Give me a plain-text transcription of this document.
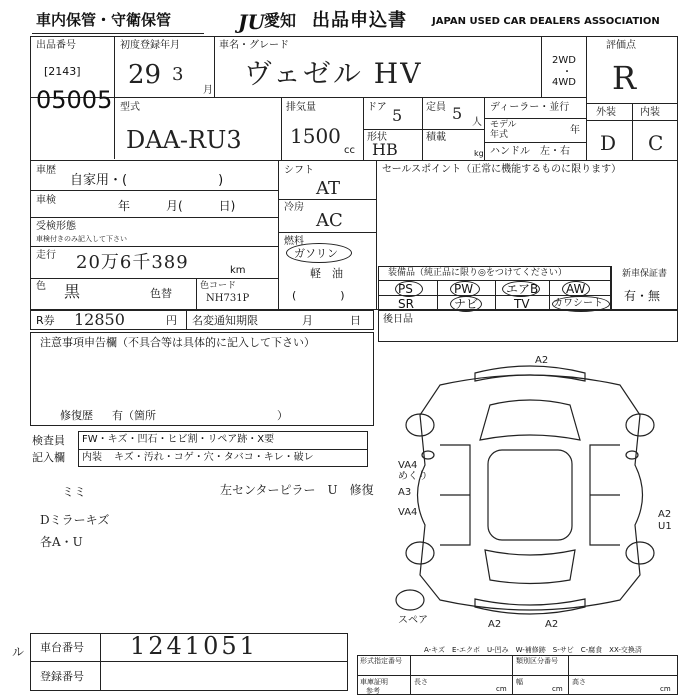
車内保管・守衛保管	JU 愛知 出品申込書	JAPAN USED CAR DEALERS ASSOCIATION
出品番号
[2143]
05005
初度登録年月
29 3
月
車名・グレード
ヴェゼル HV	2WD
・
4WD
評価点
R
外装 内装
D C
型式
DAA-RU3
排気量
1500
cc
ドア 5 定員 5 人
形状
HB
積載
kg
ディーラー・並行
モデル
年式	年
ハンドル　左・右
車歴
自家用・(　　　　　　　)
車検	年　　　月(　　　日)
受検形態
車検付きのみ記入して下さい
走行 20万6千389	km
色 黒	色替
色コード
NH731P
シフト
AT
冷房
AC
燃料
ガソリン
軽　油
(　　　　)
セールスポイント（正常に機能するものに限ります）
装備品（純正品に限り◎をつけてください）
PS	PW	エアB AW
SR	ナビ	TV カワシート
新車保証書
有・無
R券 12850	円 名変通知期限	月	日 後日品
注意事項申告欄（不具合等は具体的に記入して下さい）
修復歴 有（箇所　　　　　　　　　　　）
検査員
記入欄
FW・キズ・凹石・ヒビ割・リペア跡・X要
内装 キズ・汚れ・コゲ・穴・タバコ・キレ・破レ
ミミ	左センターピラー　U　修復
Dミラーキズ
各A・U
A2
VA4
めくり
A3
VA4	A2
U1
A2	A2
スペア
A-キズ　E-エクボ　U-凹み　W-補修跡　S-サビ　C-腐食　XX-交換済
車台番号 1241051
登録番号
形式指定番号	類別区分番号
車庫証明
参考
長さ
cm
幅
cm
高さ
cm
ル
